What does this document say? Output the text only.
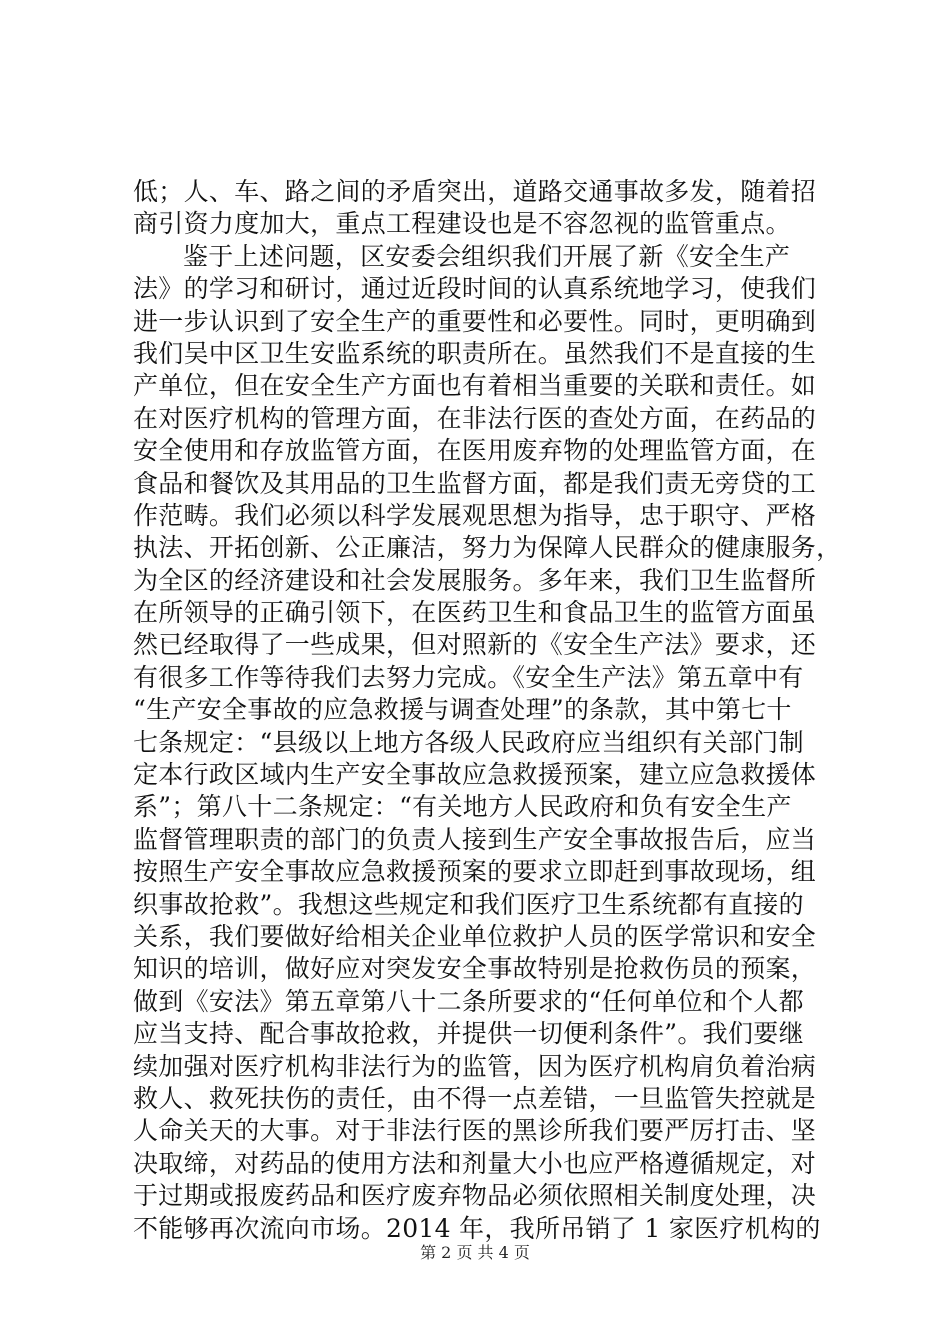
低；人、车、路之间的矛盾突出，道路交通事故多发，随着招
商引资力度加大，重点工程建设也是不容忽视的监管重点。
鉴于上述问题，区安委会组织我们开展了新《安全生产
法》的学习和研讨，通过近段时间的认真系统地学习，使我们
进一步认识到了安全生产的重要性和必要性。同时，更明确到
我们吴中区卫生安监系统的职责所在。虽然我们不是直接的生
产单位，但在安全生产方面也有着相当重要的关联和责任。如
在对医疗机构的管理方面，在非法行医的查处方面，在药品的
安全使用和存放监管方面，在医用废弃物的处理监管方面，在
食品和餐饮及其用品的卫生监督方面，都是我们责无旁贷的工
作范畴。我们必须以科学发展观思想为指导，忠于职守、严格
执法、开拓创新、公正廉洁，努力为保障人民群众的健康服务，
为全区的经济建设和社会发展服务。多年来，我们卫生监督所
在所领导的正确引领下，在医药卫生和食品卫生的监管方面虽
然已经取得了一些成果，但对照新的《安全生产法》要求，还
有很多工作等待我们去努力完成。《安全生产法》第五章中有
“生产安全事故的应急救援与调查处理”的条款，其中第七十
七条规定：“县级以上地方各级人民政府应当组织有关部门制
定本行政区域内生产安全事故应急救援预案，建立应急救援体
系”；第八十二条规定：“有关地方人民政府和负有安全生产
监督管理职责的部门的负责人接到生产安全事故报告后，应当
按照生产安全事故应急救援预案的要求立即赶到事故现场，组
织事故抢救”。我想这些规定和我们医疗卫生系统都有直接的
关系，我们要做好给相关企业单位救护人员的医学常识和安全
知识的培训，做好应对突发安全事故特别是抢救伤员的预案，
做到《安法》第五章第八十二条所要求的“任何单位和个人都
应当支持、配合事故抢救，并提供一切便利条件”。我们要继
续加强对医疗机构非法行为的监管，因为医疗机构肩负着治病
救人、救死扶伤的责任，由不得一点差错，一旦监管失控就是
人命关天的大事。对于非法行医的黑诊所我们要严厉打击、坚
决取缔，对药品的使用方法和剂量大小也应严格遵循规定，对
于过期或报废药品和医疗废弃物品必须依照相关制度处理，决
不能够再次流向市场。2014 年，我所吊销了 1 家医疗机构的
第 2 页 共 4 页
